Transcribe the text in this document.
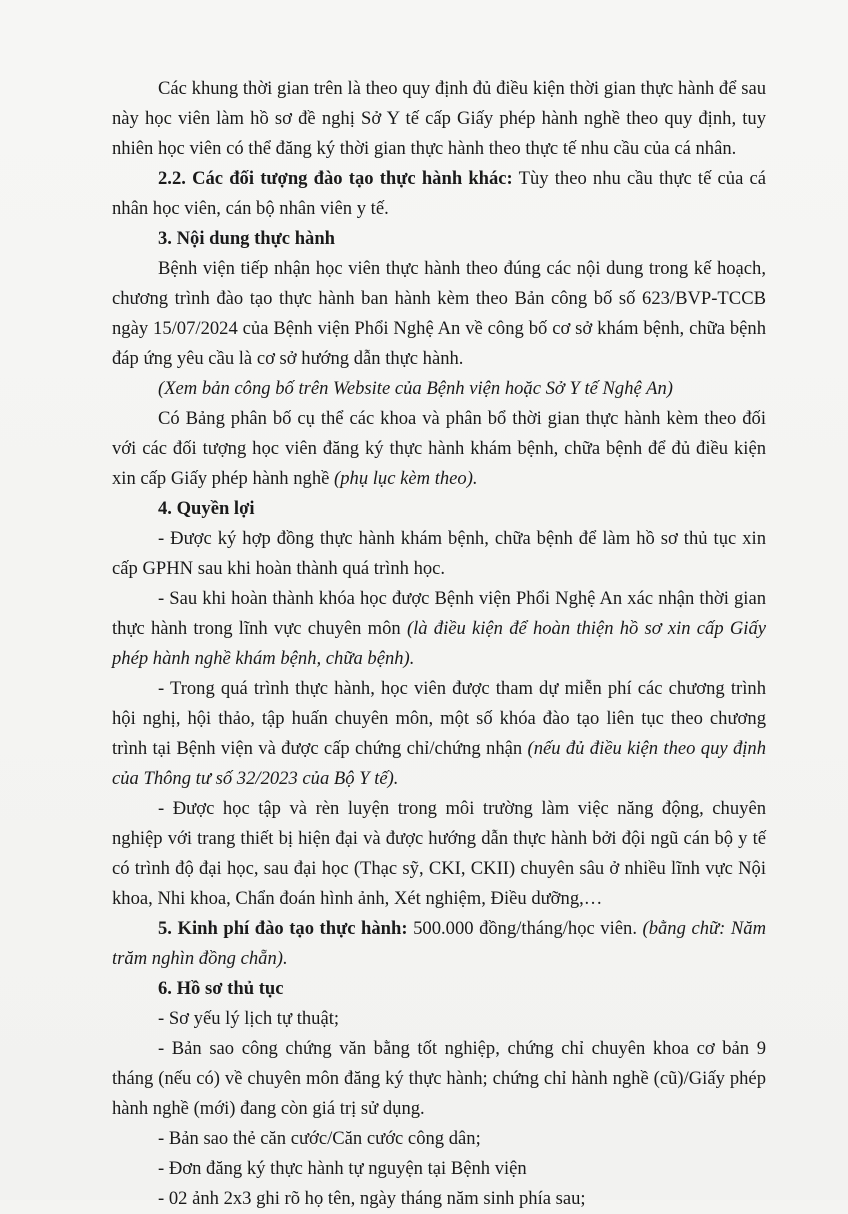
Các khung thời gian trên là theo quy định đủ điều kiện thời gian thực hành để sau này học viên làm hồ sơ đề nghị Sở Y tế cấp Giấy phép hành nghề theo quy định, tuy nhiên học viên có thể đăng ký thời gian thực hành theo thực tế nhu cầu của cá nhân.

2.2. Các đối tượng đào tạo thực hành khác: Tùy theo nhu cầu thực tế của cá nhân học viên, cán bộ nhân viên y tế.

3. Nội dung thực hành

Bệnh viện tiếp nhận học viên thực hành theo đúng các nội dung trong kế hoạch, chương trình đào tạo thực hành ban hành kèm theo Bản công bố số 623/BVP-TCCB ngày 15/07/2024 của Bệnh viện Phổi Nghệ An về công bố cơ sở khám bệnh, chữa bệnh đáp ứng yêu cầu là cơ sở hướng dẫn thực hành.

(Xem bản công bố trên Website của Bệnh viện hoặc Sở Y tế Nghệ An)

Có Bảng phân bố cụ thể các khoa và phân bổ thời gian thực hành kèm theo đối với các đối tượng học viên đăng ký thực hành khám bệnh, chữa bệnh để đủ điều kiện xin cấp Giấy phép hành nghề (phụ lục kèm theo).

4. Quyền lợi

- Được ký hợp đồng thực hành khám bệnh, chữa bệnh để làm hồ sơ thủ tục xin cấp GPHN sau khi hoàn thành quá trình học.

- Sau khi hoàn thành khóa học được Bệnh viện Phổi Nghệ An xác nhận thời gian thực hành trong lĩnh vực chuyên môn (là điều kiện để hoàn thiện hồ sơ xin cấp Giấy phép hành nghề khám bệnh, chữa bệnh).

- Trong quá trình thực hành, học viên được tham dự miễn phí các chương trình hội nghị, hội thảo, tập huấn chuyên môn, một số khóa đào tạo liên tục theo chương trình tại Bệnh viện và được cấp chứng chỉ/chứng nhận (nếu đủ điều kiện theo quy định của Thông tư số 32/2023 của Bộ Y tế).

- Được học tập và rèn luyện trong môi trường làm việc năng động, chuyên nghiệp với trang thiết bị hiện đại và được hướng dẫn thực hành bởi đội ngũ cán bộ y tế có trình độ đại học, sau đại học (Thạc sỹ, CKI, CKII) chuyên sâu ở nhiều lĩnh vực Nội khoa, Nhi khoa, Chẩn đoán hình ảnh, Xét nghiệm, Điều dưỡng,…

5. Kinh phí đào tạo thực hành: 500.000 đồng/tháng/học viên. (bằng chữ: Năm trăm nghìn đồng chẵn).

6. Hồ sơ thủ tục

- Sơ yếu lý lịch tự thuật;

- Bản sao công chứng văn bằng tốt nghiệp, chứng chỉ chuyên khoa cơ bản 9 tháng (nếu có) về chuyên môn đăng ký thực hành; chứng chỉ hành nghề (cũ)/Giấy phép hành nghề (mới) đang còn giá trị sử dụng.

- Bản sao thẻ căn cước/Căn cước công dân;

- Đơn đăng ký thực hành tự nguyện tại Bệnh viện

- 02 ảnh 2x3 ghi rõ họ tên, ngày tháng năm sinh phía sau;
